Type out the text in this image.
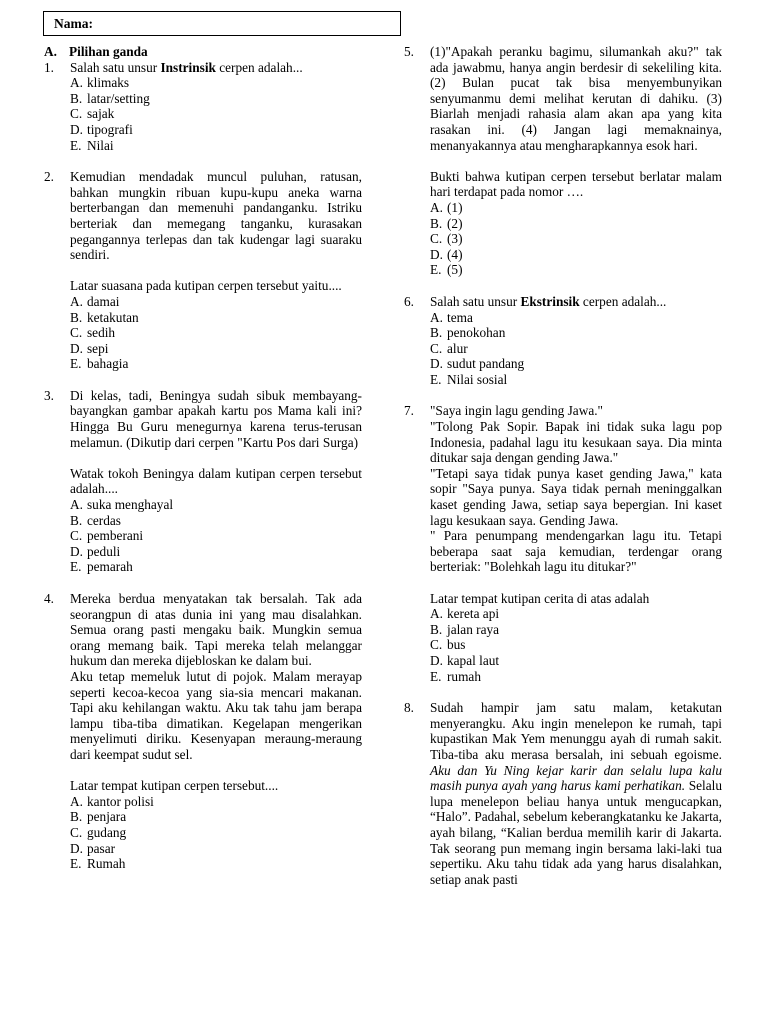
Nama:
A. Pilihan ganda
1.	Salah satu unsur Instrinsik cerpen adalah...

A. klimaks
B. latar/setting
C. sajak
D. tipografi
E. Nilai
2.	Kemudian mendadak muncul puluhan, ratusan, bahkan mungkin ribuan kupu-kupu aneka warna berterbangan dan memenuhi pandanganku. Istriku berteriak dan memegang tanganku, kurasakan pegangannya terlepas dan tak kudengar lagi suaraku sendiri.

Latar suasana pada kutipan cerpen tersebut yaitu....

A. damai
B. ketakutan
C. sedih
D. sepi
E. bahagia
3.	Di kelas, tadi, Beningya sudah sibuk membayang-bayangkan gambar apakah kartu pos Mama kali ini? Hingga Bu Guru menegurnya karena terus-terusan melamun. (Dikutip dari cerpen "Kartu Pos dari Surga)

Watak tokoh Beningya dalam kutipan cerpen tersebut adalah....

A. suka menghayal
B. cerdas
C. pemberani
D. peduli
E. pemarah
4.	Mereka berdua menyatakan tak bersalah. Tak ada seorangpun di atas dunia ini yang mau disalahkan. Semua orang pasti mengaku baik. Mungkin semua orang memang baik. Tapi mereka telah melanggar hukum dan mereka dijebloskan ke dalam bui.

Aku tetap memeluk lutut di pojok. Malam merayap seperti kecoa-kecoa yang sia-sia mencari makanan. Tapi aku kehilangan waktu. Aku tak tahu jam berapa lampu tiba-tiba dimatikan. Kegelapan mengerikan menyelimuti diriku. Kesenyapan meraung-meraung dari keempat sudut sel.

Latar tempat kutipan cerpen tersebut....

A. kantor polisi
B. penjara
C. gudang
D. pasar
E. Rumah
5.	(1)"Apakah peranku bagimu, silumankah aku?" tak ada jawabmu, hanya angin berdesir di sekeliling kita. (2) Bulan pucat tak bisa menyembunyikan senyumanmu demi melihat kerutan di dahiku. (3) Biarlah menjadi rahasia alam akan apa yang kita rasakan ini. (4) Jangan lagi memaknainya, menanyakannya atau mengharapkannya esok hari.

Bukti bahwa kutipan cerpen tersebut berlatar malam hari terdapat pada nomor ….

A. (1)
B. (2)
C. (3)
D. (4)
E. (5)
6.	Salah satu unsur Ekstrinsik cerpen adalah...

A. tema
B. penokohan
C. alur
D. sudut pandang
E. Nilai sosial
7.	"Saya ingin lagu gending Jawa."

"Tolong Pak Sopir. Bapak ini tidak suka lagu pop Indonesia, padahal lagu itu kesukaan saya. Dia minta ditukar saja dengan gending Jawa."

"Tetapi saya tidak punya kaset gending Jawa," kata sopir "Saya punya. Saya tidak pernah meninggalkan kaset gending Jawa, setiap saya bepergian. Ini kaset lagu kesukaan saya. Gending Jawa.

" Para penumpang mendengarkan lagu itu. Tetapi beberapa saat saja kemudian, terdengar orang berteriak: "Bolehkah lagu itu ditukar?"

Latar tempat kutipan cerita di atas adalah

A. kereta api
B. jalan raya
C. bus
D. kapal laut
E. rumah
8.	Sudah hampir jam satu malam, ketakutan menyerangku. Aku ingin menelepon ke rumah, tapi kupastikan Mak Yem menunggu ayah di rumah sakit. Tiba-tiba aku merasa bersalah, ini sebuah egoisme. Aku dan Yu Ning kejar karir dan selalu lupa kalu masih punya ayah yang harus kami perhatikan. Selalu lupa menelepon beliau hanya untuk mengucapkan, “Halo”. Padahal, sebelum keberangkatanku ke Jakarta, ayah bilang, “Kalian berdua memilih karir di Jakarta. Tak seorang pun memang ingin bersama laki-laki tua sepertiku. Aku tahu tidak ada yang harus disalahkan, setiap anak pasti
